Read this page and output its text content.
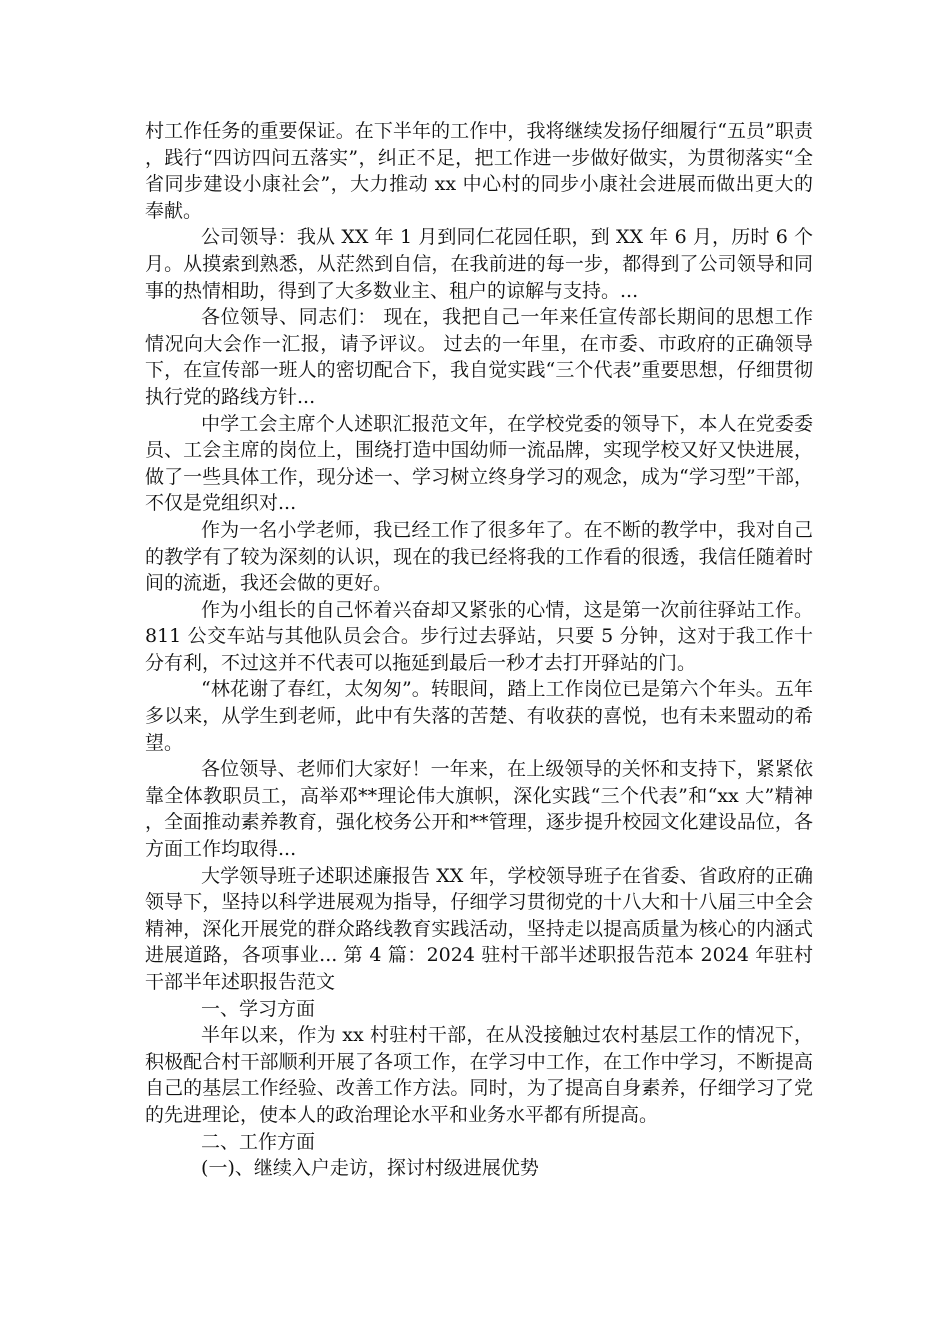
村工作任务的重要保证。在下半年的工作中，我将继续发扬仔细履行“五员”职责，践行“四访四问五落实”，纠正不足，把工作进一步做好做实，为贯彻落实“全省同步建设小康社会”，大力推动 xx 中心村的同步小康社会进展而做出更大的奉献。

公司领导：我从 XX 年 1 月到同仁花园任职，到 XX 年 6 月，历时 6 个月。从摸索到熟悉，从茫然到自信，在我前进的每一步，都得到了公司领导和同事的热情相助，得到了大多数业主、租户的谅解与支持。...

各位领导、同志们： 现在，我把自己一年来任宣传部长期间的思想工作情况向大会作一汇报，请予评议。 过去的一年里，在市委、市政府的正确领导下，在宣传部一班人的密切配合下，我自觉实践“三个代表”重要思想，仔细贯彻执行党的路线方针...

中学工会主席个人述职汇报范文年，在学校党委的领导下，本人在党委委员、工会主席的岗位上，围绕打造中国幼师一流品牌，实现学校又好又快进展，做了一些具体工作，现分述一、学习树立终身学习的观念，成为“学习型”干部，不仅是党组织对...

作为一名小学老师，我已经工作了很多年了。在不断的教学中，我对自己的教学有了较为深刻的认识，现在的我已经将我的工作看的很透，我信任随着时间的流逝，我还会做的更好。

作为小组长的自己怀着兴奋却又紧张的心情，这是第一次前往驿站工作。811 公交车站与其他队员会合。步行过去驿站，只要 5 分钟，这对于我工作十分有利，不过这并不代表可以拖延到最后一秒才去打开驿站的门。

“林花谢了春红，太匆匆”。转眼间，踏上工作岗位已是第六个年头。五年多以来，从学生到老师，此中有失落的苦楚、有收获的喜悦，也有未来盟动的希望。

各位领导、老师们大家好！一年来，在上级领导的关怀和支持下，紧紧依靠全体教职员工，高举邓**理论伟大旗帜，深化实践“三个代表”和“xx 大”精神，全面推动素养教育，强化校务公开和**管理，逐步提升校园文化建设品位，各方面工作均取得...

大学领导班子述职述廉报告 XX 年，学校领导班子在省委、省政府的正确领导下，坚持以科学进展观为指导，仔细学习贯彻党的十八大和十八届三中全会精神，深化开展党的群众路线教育实践活动，坚持走以提高质量为核心的内涵式进展道路，各项事业... 第 4 篇：2024 驻村干部半述职报告范本 2024 年驻村干部半年述职报告范文

一、学习方面

半年以来，作为 xx 村驻村干部，在从没接触过农村基层工作的情况下，积极配合村干部顺利开展了各项工作，在学习中工作，在工作中学习，不断提高自己的基层工作经验、改善工作方法。同时，为了提高自身素养，仔细学习了党的先进理论，使本人的政治理论水平和业务水平都有所提高。

二、工作方面

(一)、继续入户走访，探讨村级进展优势
